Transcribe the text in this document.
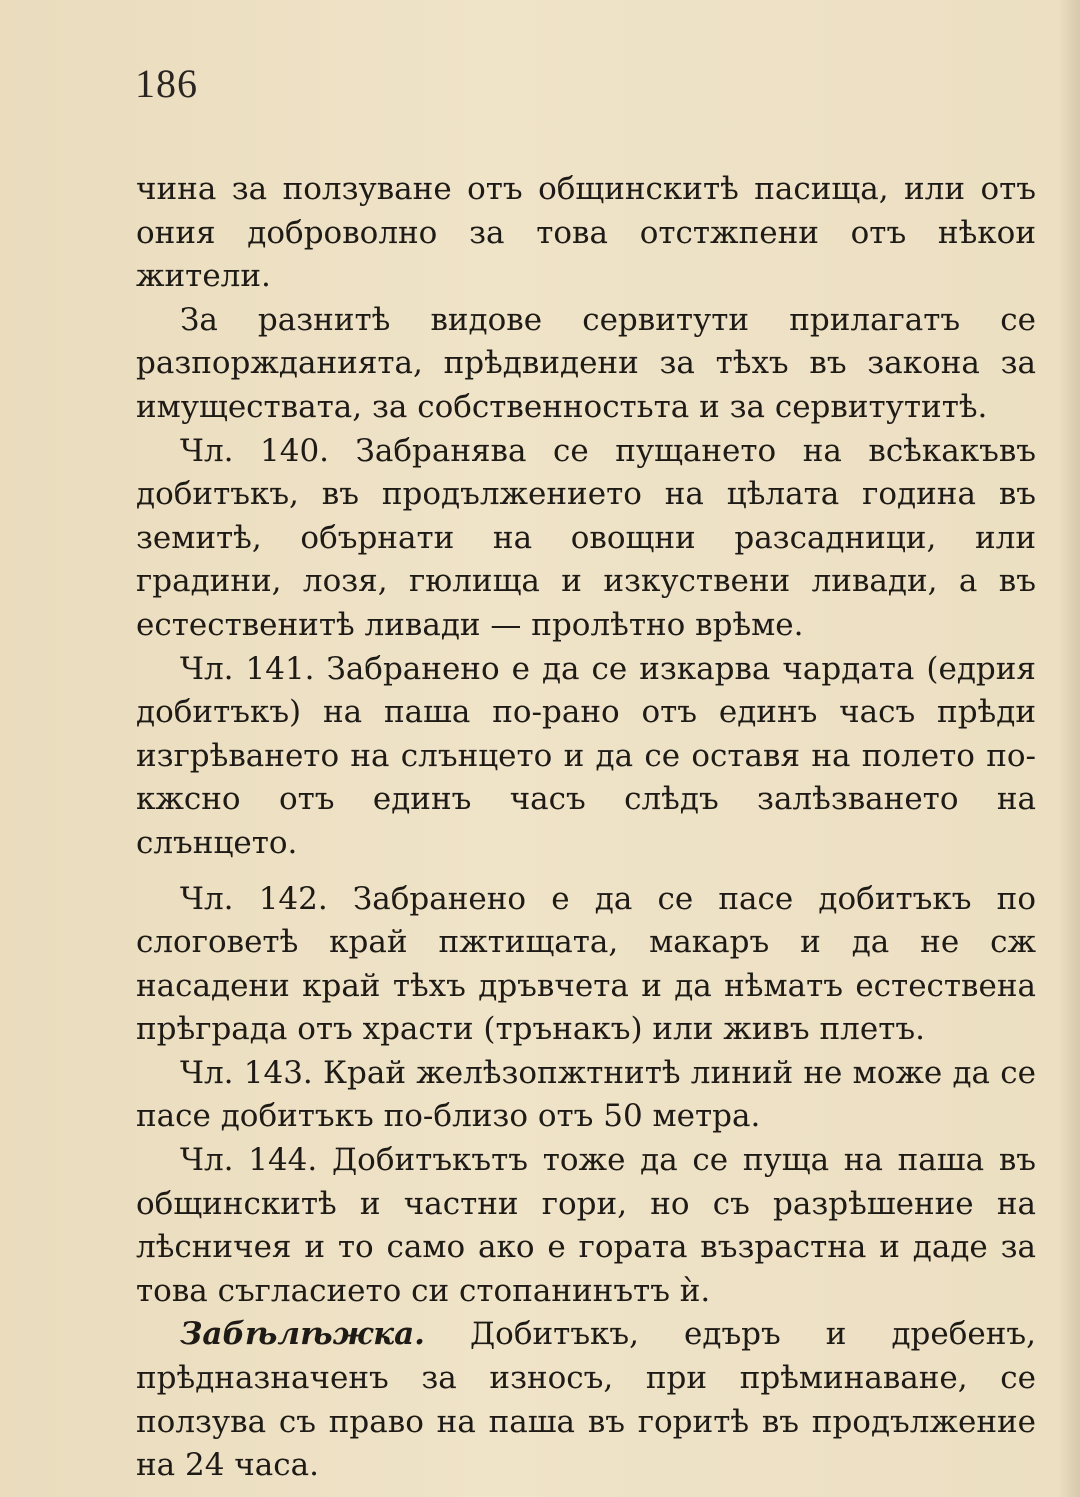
186

чина за ползуване отъ общинскитѣ пасища, или отъ ония доброволно за това отстжпени отъ нѣкои жители.

За разнитѣ видове сервитути прилагатъ се разпоржданията, прѣдвидени за тѣхъ въ закона за имуществата, за собственностьта и за сервитутитѣ.

Чл. 140. Забранява се пущането на всѣкакъвъ добитъкъ, въ продължението на цѣлата година въ земитѣ, обърнати на овощни разсадници, или градини, лозя, гюлища и изкуствени ливади, а въ естественитѣ ливади — пролѣтно врѣме.

Чл. 141. Забранено е да се изкарва чардата (едрия добитъкъ) на паша по-рано отъ единъ часъ прѣди изгрѣването на слънцето и да се оставя на полето по-кжсно отъ единъ часъ слѣдъ залѣзването на слънцето.

Чл. 142. Забранено е да се пасе добитъкъ по слоговетѣ край пжтищата, макаръ и да не сж насадени край тѣхъ дръвчета и да нѣматъ естествена прѣграда отъ храсти (трънакъ) или живъ плетъ.

Чл. 143. Край желѣзопжтнитѣ линий не може да се пасе добитъкъ по-близо отъ 50 метра.

Чл. 144. Добитъкътъ тоже да се пуща на паша въ общинскитѣ и частни гори, но съ разрѣшение на лѣсничея и то само ако е гората възрастна и даде за това съгласието си стопанинътъ ѝ.

Забѣлѣжка. Добитъкъ, едъръ и дребенъ, прѣдназначенъ за износъ, при прѣминаване, се ползува съ право на паша въ горитѣ въ продължение на 24 часа.
